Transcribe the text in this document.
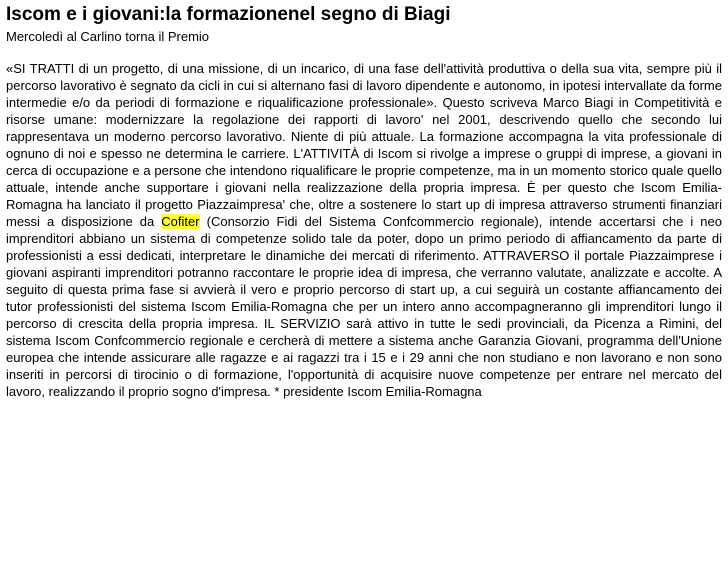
Iscom e i giovani:la formazionenel segno di Biagi

Mercoledì al Carlino torna il Premio

«SI TRATTI di un progetto, di una missione, di un incarico, di una fase dell'attività produttiva o della sua vita, sempre più il percorso lavorativo è segnato da cicli in cui si alternano fasi di lavoro dipendente e autonomo, in ipotesi intervallate da forme intermedie e/o da periodi di formazione e riqualificazione professionale». Questo scriveva Marco Biagi in Competitività e risorse umane: modernizzare la regolazione dei rapporti di lavoro' nel 2001, descrivendo quello che secondo lui rappresentava un moderno percorso lavorativo. Niente di più attuale. La formazione accompagna la vita professionale di ognuno di noi e spesso ne determina le carriere. L'ATTIVITÀ di Iscom si rivolge a imprese o gruppi di imprese, a giovani in cerca di occupazione e a persone che intendono riqualificare le proprie competenze, ma in un momento storico quale quello attuale, intende anche supportare i giovani nella realizzazione della propria impresa. È per questo che Iscom Emilia-Romagna ha lanciato il progetto Piazzaimpresa' che, oltre a sostenere lo start up di impresa attraverso strumenti finanziari messi a disposizione da Cofiter (Consorzio Fidi del Sistema Confcommercio regionale), intende accertarsi che i neo imprenditori abbiano un sistema di competenze solido tale da poter, dopo un primo periodo di affiancamento da parte di professionisti a essi dedicati, interpretare le dinamiche dei mercati di riferimento. ATTRAVERSO il portale Piazzaimprese i giovani aspiranti imprenditori potranno raccontare le proprie idea di impresa, che verranno valutate, analizzate e accolte. A seguito di questa prima fase si avvierà il vero e proprio percorso di start up, a cui seguirà un costante affiancamento dei tutor professionisti del sistema Iscom Emilia-Romagna che per un intero anno accompagneranno gli imprenditori lungo il percorso di crescita della propria impresa. IL SERVIZIO sarà attivo in tutte le sedi provinciali, da Picenza a Rimini, del sistema Iscom Confcommercio regionale e cercherà di mettere a sistema anche Garanzia Giovani, programma dell'Unione europea che intende assicurare alle ragazze e ai ragazzi tra i 15 e i 29 anni che non studiano e non lavorano e non sono inseriti in percorsi di tirocinio o di formazione, l'opportunità di acquisire nuove competenze per entrare nel mercato del lavoro, realizzando il proprio sogno d'impresa. * presidente Iscom Emilia-Romagna
